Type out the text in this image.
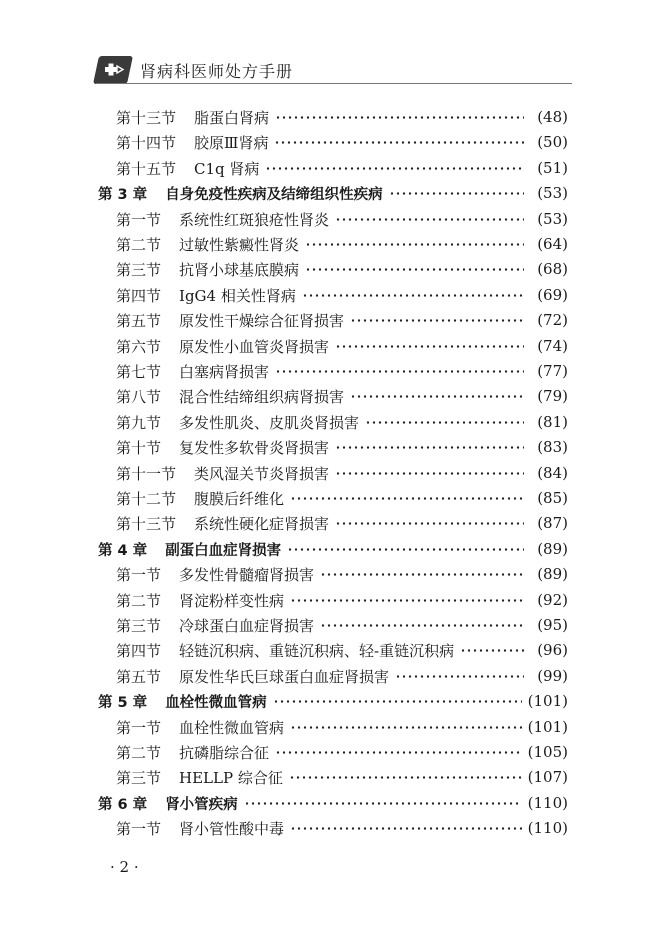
肾病科医师处方手册
第十三节 脂蛋白肾病	(48)
第十四节 胶原Ⅲ肾病	(50)
第十五节 C1q 肾病	(51)
第 3 章 自身免疫性疾病及结缔组织性疾病	(53)
第一节 系统性红斑狼疮性肾炎	(53)
第二节 过敏性紫癜性肾炎	(64)
第三节 抗肾小球基底膜病	(68)
第四节 IgG4 相关性肾病	(69)
第五节 原发性干燥综合征肾损害	(72)
第六节 原发性小血管炎肾损害	(74)
第七节 白塞病肾损害	(77)
第八节 混合性结缔组织病肾损害	(79)
第九节 多发性肌炎、皮肌炎肾损害	(81)
第十节 复发性多软骨炎肾损害	(83)
第十一节 类风湿关节炎肾损害	(84)
第十二节 腹膜后纤维化	(85)
第十三节 系统性硬化症肾损害	(87)
第 4 章 副蛋白血症肾损害	(89)
第一节 多发性骨髓瘤肾损害	(89)
第二节 肾淀粉样变性病	(92)
第三节 冷球蛋白血症肾损害	(95)
第四节 轻链沉积病、重链沉积病、轻-重链沉积病	(96)
第五节 原发性华氏巨球蛋白血症肾损害	(99)
第 5 章 血栓性微血管病	(101)
第一节 血栓性微血管病	(101)
第二节 抗磷脂综合征	(105)
第三节 HELLP 综合征	(107)
第 6 章 肾小管疾病	(110)
第一节 肾小管性酸中毒	(110)
· 2 ·
